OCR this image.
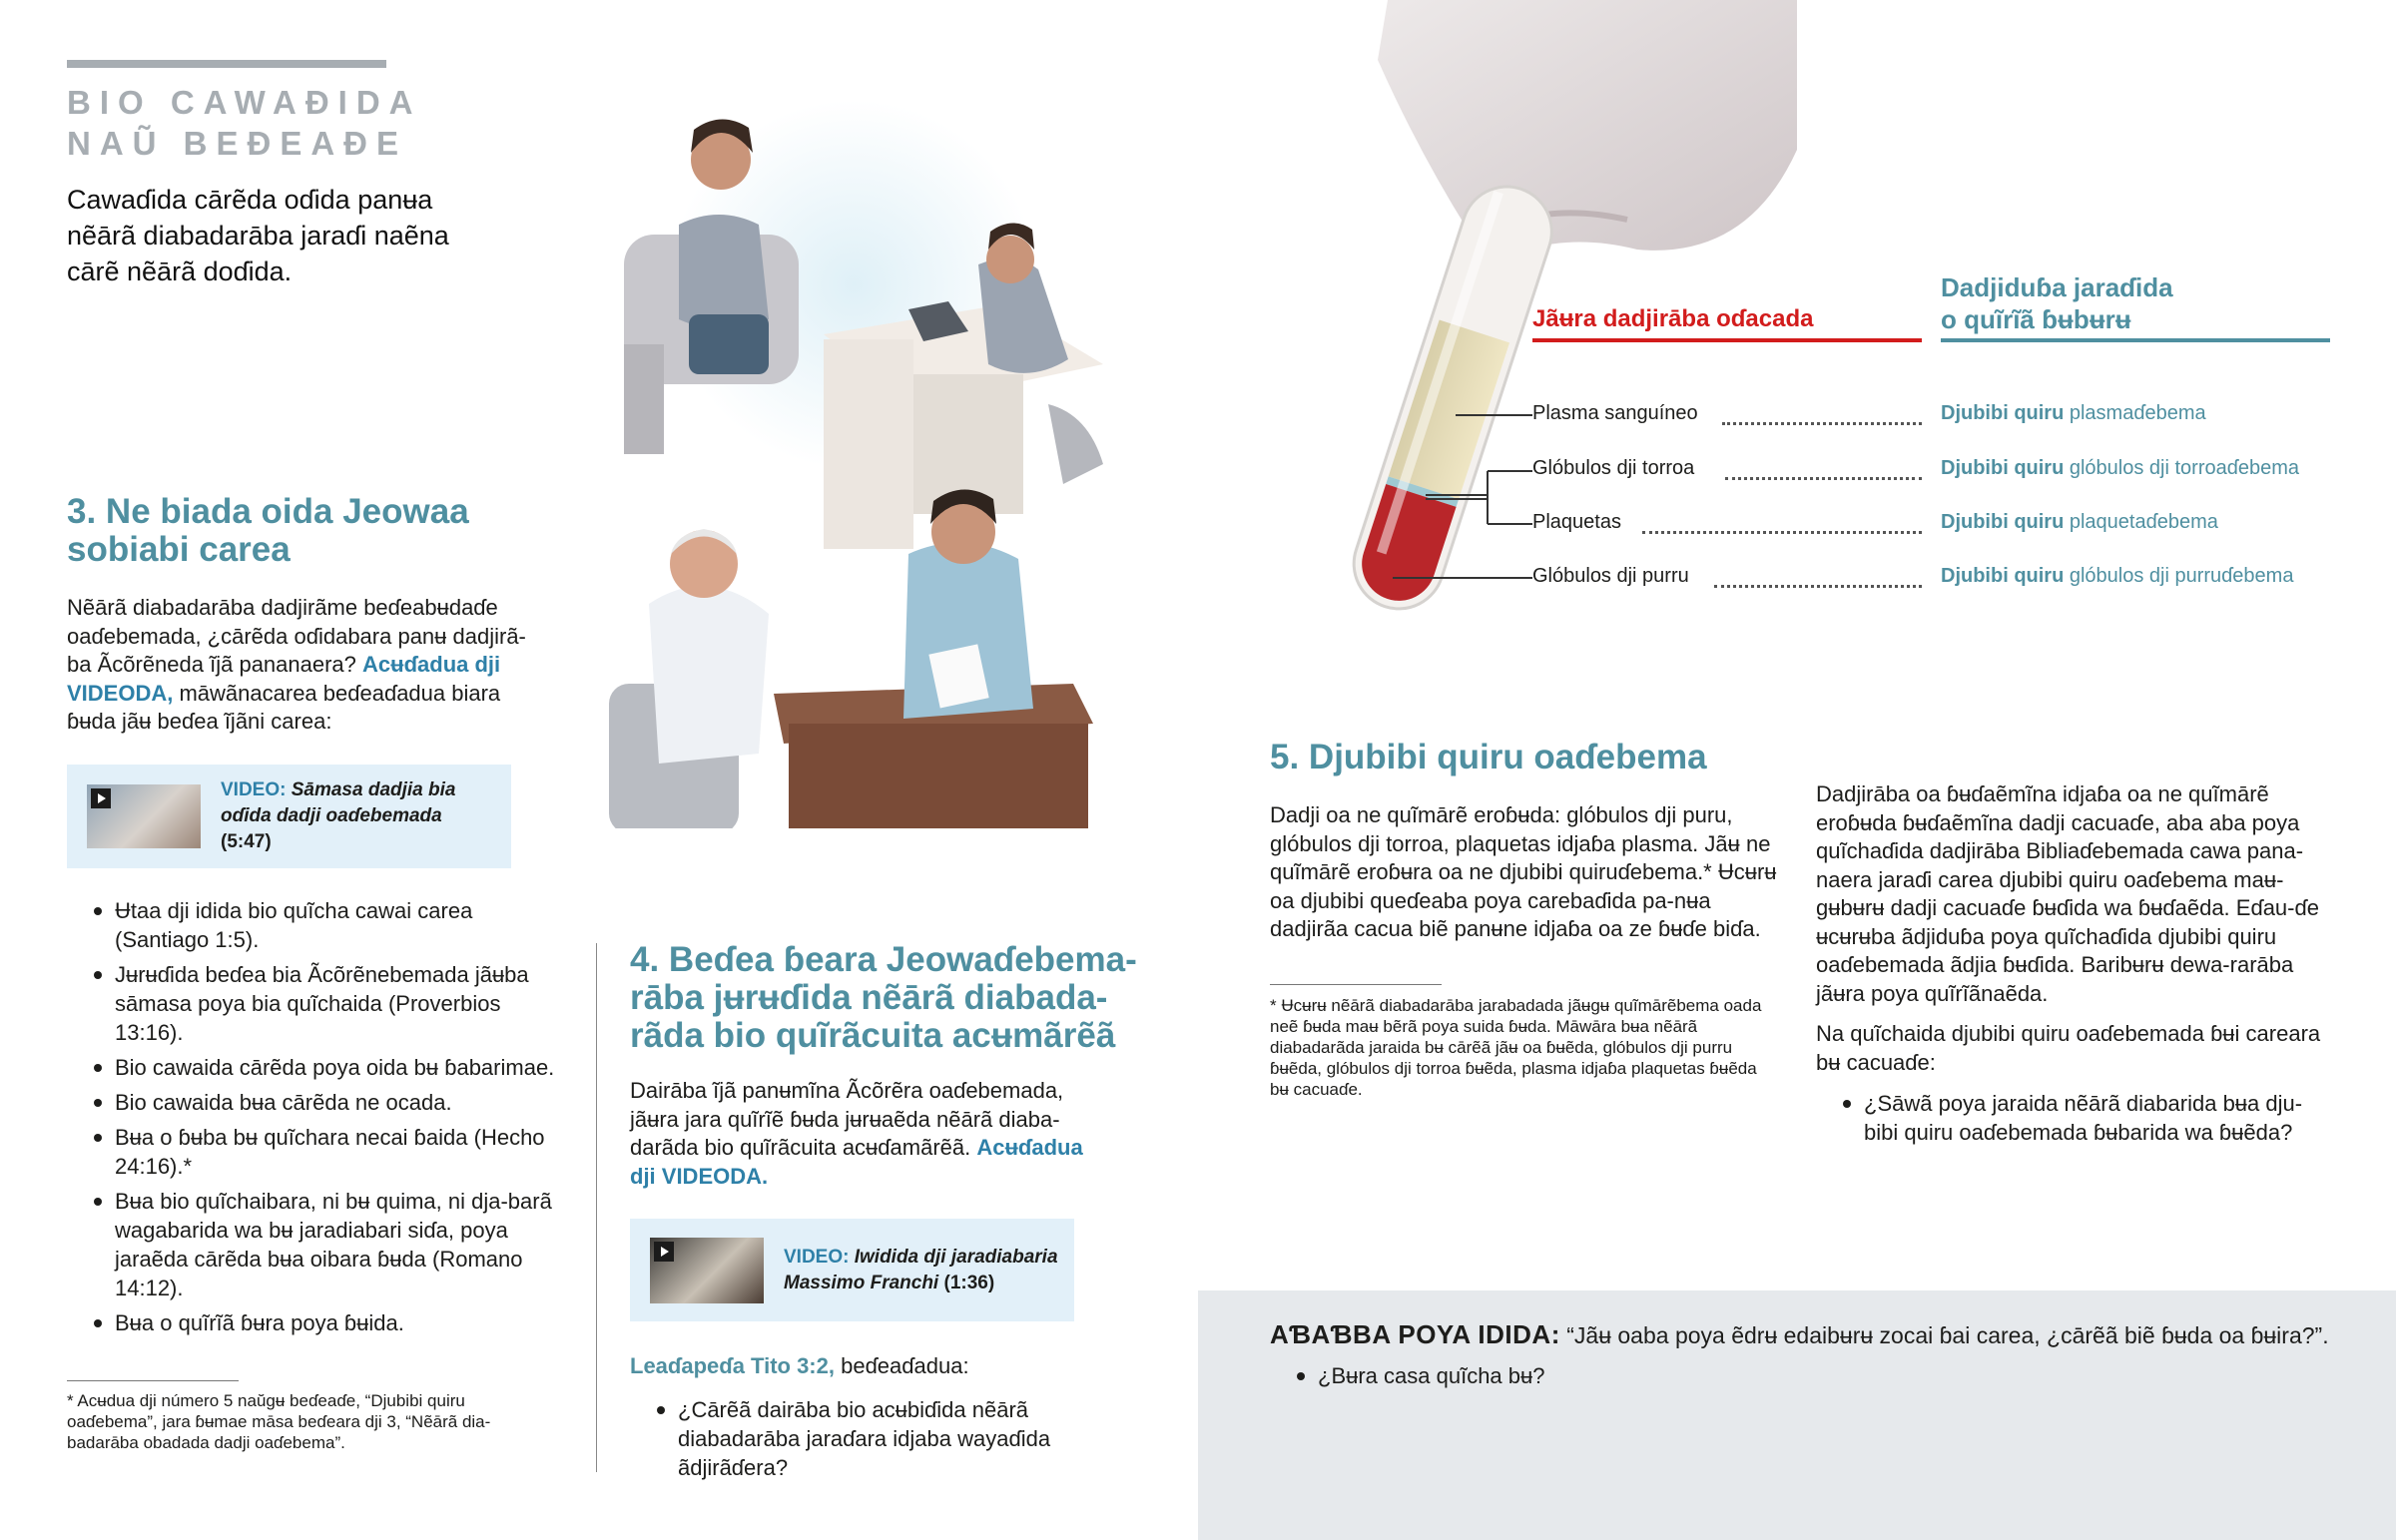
BIO CAWAƉIDA
NAŨ BEƉEAƉE

Cawaɗida cārẽda oɗida panʉa nẽārã diabadarāba jaraɗi naẽna cārẽ nẽārã doɗida.

3. Ne biada oida Jeowaa
sobiabi carea

Nẽārã diabadarāba dadjirãme beɗeabʉdaɗe oaɗebemada, ¿cārẽda oɗidabara panʉ dadjirã-ba Ãcõrẽneda ĩjã pananaera? Acʉɗadua dji VIDEODA, māwãnacarea beɗeaɗadua biara ɓʉda jãʉ beɗea ĩjãni carea:

VIDEO: Sāmasa dadjia bia oɗida dadji oaɗebemada (5:47)
Ʉtaa dji idida bio quĩcha cawai carea (Santiago 1:5).
Jʉrʉɗida beɗea bia Ãcõrẽnebemada jãʉba sāmasa poya bia quĩchaida (Proverbios 13:16).
Bio cawaida cārẽda poya oida bʉ ɓabarimae.
Bio cawaida bʉa cārẽda ne ocada.
Bʉa o ɓʉba bʉ quĩchara necai ɓaida (Hecho 24:16).*
Bʉa bio quĩchaibara, ni bʉ quima, ni dja-barã wagabarida wa bʉ jaradiabari siɗa, poya jaraẽda cārẽda bʉa oibara ɓʉda (Romano 14:12).
Bʉa o quĩrĩã ɓʉra poya ɓʉida.

* Acʉdua dji número 5 naŭgʉ beɗeaɗe, “Djubibi quiru oaɗebema”, jara ɓʉmae māsa beɗeara dji 3, “Nẽārã dia-badarāba obadada dadji oaɗebema”.

4. Beɗea ɓeara Jeowaɗebema-
rāba jʉrʉɗida nẽārã diabada-
rãda bio quĩrãcuita acʉmãrẽã

Dairāba ĩjã panʉmĩna Ãcõrẽra oaɗebemada, jãʉra jara quĩrĩẽ ɓʉda jʉrʉaẽda nẽārã diaba-darãda bio quĩrãcuita acʉɗamãrẽã. Acʉɗadua dji VIDEODA.

VIDEO: Iwidida dji jaradiabaria Massimo Franchi (1:36)

Leaɗapeɗa Tito 3:2, beɗeaɗadua:

¿Cārẽã dairāba bio acʉbiɗida nẽārã diabadarāba jaraɗara idjaba wayaɗida ãdjirãɗera?
Jãʉra dadjirāba oɗacada
Dadjiduɓa jaraɗida
o quĩrĩã ɓʉbʉrʉ
Plasma sanguíneo	Djubibi quiru plasmaɗebema
Glóbulos dji torroa	Djubibi quiru glóbulos dji torroaɗebema
Plaquetas	Djubibi quiru plaquetaɗebema
Glóbulos dji purru	Djubibi quiru glóbulos dji purruɗebema
5. Djubibi quiru oaɗebema

Dadji oa ne quĩmārẽ eroɓʉda: glóbulos dji puru, glóbulos dji torroa, plaquetas idjaɓa plasma. Jãʉ ne quĩmārẽ eroɓʉra oa ne djubibi quiruɗebema.* Ʉcʉrʉ oa djubibi queɗeaba poya carebaɗida pa-nʉa dadjirãa cacua biẽ panʉne idjaɓa oa ze ɓʉɗe biɗa.

* Ʉcʉrʉ nẽārã diabadarāba jarabadada jãʉgʉ quĩmārẽbema oada neẽ ɓʉda maʉ bẽrã poya suida ɓʉda. Māwāra bʉa nẽārã diabadarãda jaraida bʉ cārẽã jãʉ oa ɓʉẽda, glóbulos dji purru ɓʉẽda, glóbulos dji torroa ɓʉẽda, plasma idjaɓa plaquetas ɓʉẽda bʉ cacuaɗe.

Dadjirāba oa ɓʉɗaẽmĩna idjaɓa oa ne quĩmārẽ eroɓʉda ɓʉɗaẽmĩna dadji cacuaɗe, aba aba poya quĩchaɗida dadjirāba Bibliaɗebemada cawa pana-naera jaraɗi carea djubibi quiru oaɗebema maʉ-gʉbʉrʉ dadji cacuaɗe ɓʉɗida wa ɓʉɗaẽda. Eɗau-ɗe ʉcʉrʉba ãdjiduɓa poya quĩchaɗida djubibi quiru oaɗebemada ãdjia ɓʉɗida. Baribʉrʉ dewa-rarāba jãʉra poya quĩrĩãnaẽda.

Na quĩchaida djubibi quiru oaɗebemada ɓʉi careara bʉ cacuaɗe:

¿Sāwã poya jaraida nẽārã diabarida bʉa dju-bibi quiru oaɗebemada ɓʉbarida wa ɓʉẽda?

AƁAƁBA POYA IDIDA: “Jãʉ oaba poya ẽdrʉ edaibʉrʉ zocai ɓai carea, ¿cārẽã biẽ ɓʉda oa ɓʉira?”.

¿Bʉra casa quĩcha bʉ?
